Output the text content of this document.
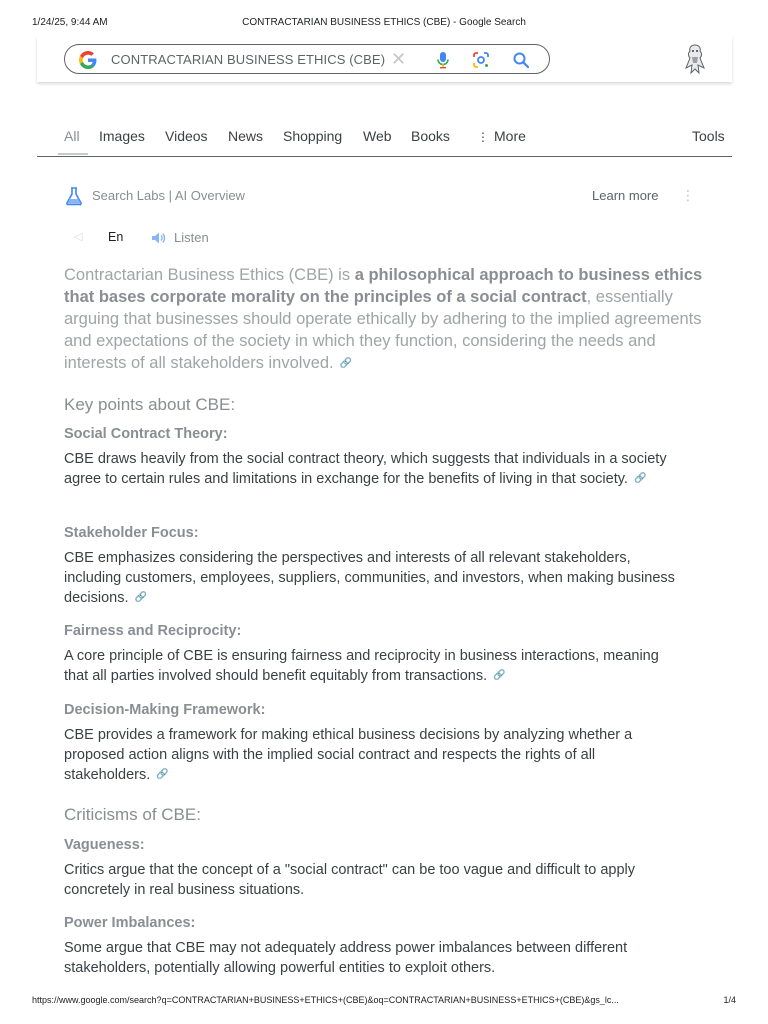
1/24/25, 9:44 AM	CONTRACTARIAN BUSINESS ETHICS (CBE) - Google Search
CONTRACTARIAN BUSINESS ETHICS (CBE) ✕
All Images Videos News Shopping Web Books ⋮ More	Tools
Search Labs | AI Overview	Learn more ⋮
◁ En	Listen
Contractarian Business Ethics (CBE) is a philosophical approach to business ethics that bases corporate morality on the principles of a social contract, essentially arguing that businesses should operate ethically by adhering to the implied agreements and expectations of the society in which they function, considering the needs and interests of all stakeholders involved. 🔗
Key points about CBE:
Social Contract Theory:
CBE draws heavily from the social contract theory, which suggests that individuals in a society agree to certain rules and limitations in exchange for the benefits of living in that society. 🔗
Stakeholder Focus:
CBE emphasizes considering the perspectives and interests of all relevant stakeholders, including customers, employees, suppliers, communities, and investors, when making business decisions. 🔗
Fairness and Reciprocity:
A core principle of CBE is ensuring fairness and reciprocity in business interactions, meaning that all parties involved should benefit equitably from transactions. 🔗
Decision-Making Framework:
CBE provides a framework for making ethical business decisions by analyzing whether a proposed action aligns with the implied social contract and respects the rights of all stakeholders. 🔗
Criticisms of CBE:
Vagueness:
Critics argue that the concept of a "social contract" can be too vague and difficult to apply concretely in real business situations.
Power Imbalances:
Some argue that CBE may not adequately address power imbalances between different stakeholders, potentially allowing powerful entities to exploit others.
https://www.google.com/search?q=CONTRACTARIAN+BUSINESS+ETHICS+(CBE)&oq=CONTRACTARIAN+BUSINESS+ETHICS+(CBE)&gs_lc...	1/4
